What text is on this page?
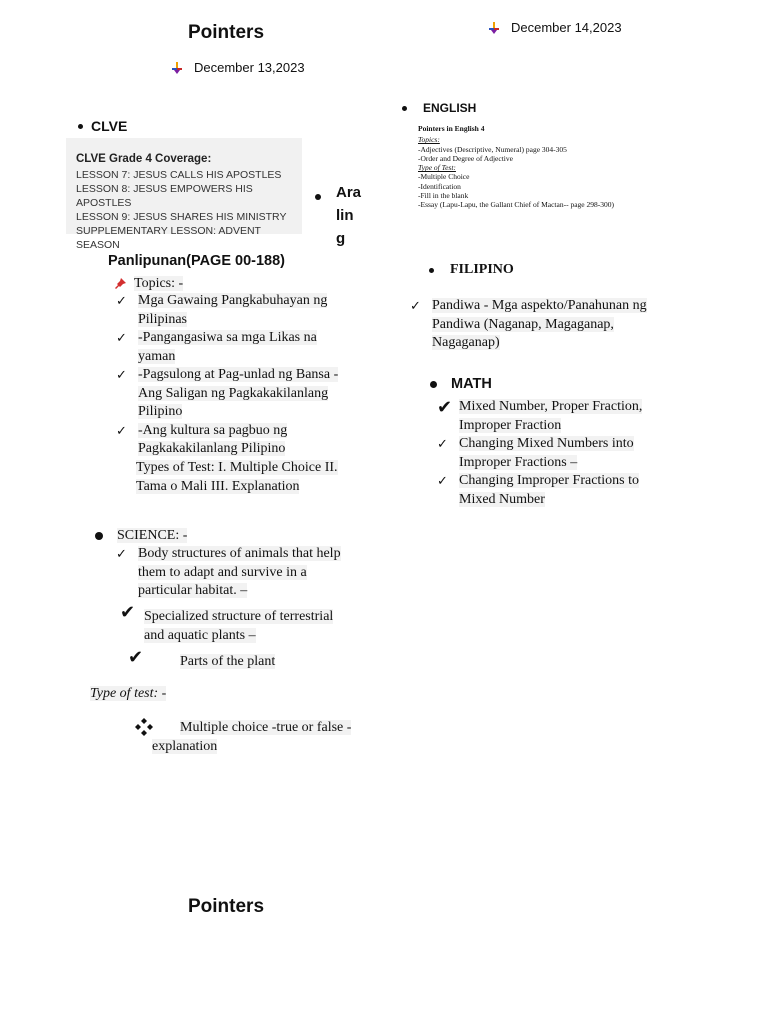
Pointers
December 13,2023
December 14,2023
CLVE
CLVE Grade 4 Coverage:
LESSON 7: JESUS CALLS HIS APOSTLES
LESSON 8: JESUS EMPOWERS HIS APOSTLES
LESSON 9: JESUS SHARES HIS MINISTRY
SUPPLEMENTARY LESSON: ADVENT SEASON
Ara
lin
g
Panlipunan(PAGE 00-188)
Topics: -
✓ Mga Gawaing Pangkabuhayan ng
Pilipinas
✓ -Pangangasiwa sa mga Likas na
yaman
✓ -Pagsulong at Pag-unlad ng Bansa -
Ang Saligan ng Pagkakakilanlang
Pilipino
✓ -Ang kultura sa pagbuo ng
Pagkakakilanlang Pilipino
Types of Test: I. Multiple Choice II.
Tama o Mali III. Explanation
SCIENCE: -
✓ Body structures of animals that help
them to adapt and survive in a
particular habitat. –
✔ Specialized structure of terrestrial
and aquatic plants –
✔	Parts of the plant
Type of test: -
Multiple choice -true or false -
explanation
ENGLISH
Pointers in English 4
Topics:
-Adjectives (Descriptive, Numeral) page 304-305
-Order and Degree of Adjective
Type of Test:
-Multiple Choice
-Identification
-Fill in the blank
-Essay (Lapu-Lapu, the Gallant Chief of Mactan-- page 298-300)
FILIPINO
✓ Pandiwa - Mga aspekto/Panahunan ng
Pandiwa (Naganap, Magaganap,
Nagaganap)
MATH
✔ Mixed Number, Proper Fraction,
Improper Fraction
✓ Changing Mixed Numbers into
Improper Fractions –
✓ Changing Improper Fractions to
Mixed Number
Pointers
